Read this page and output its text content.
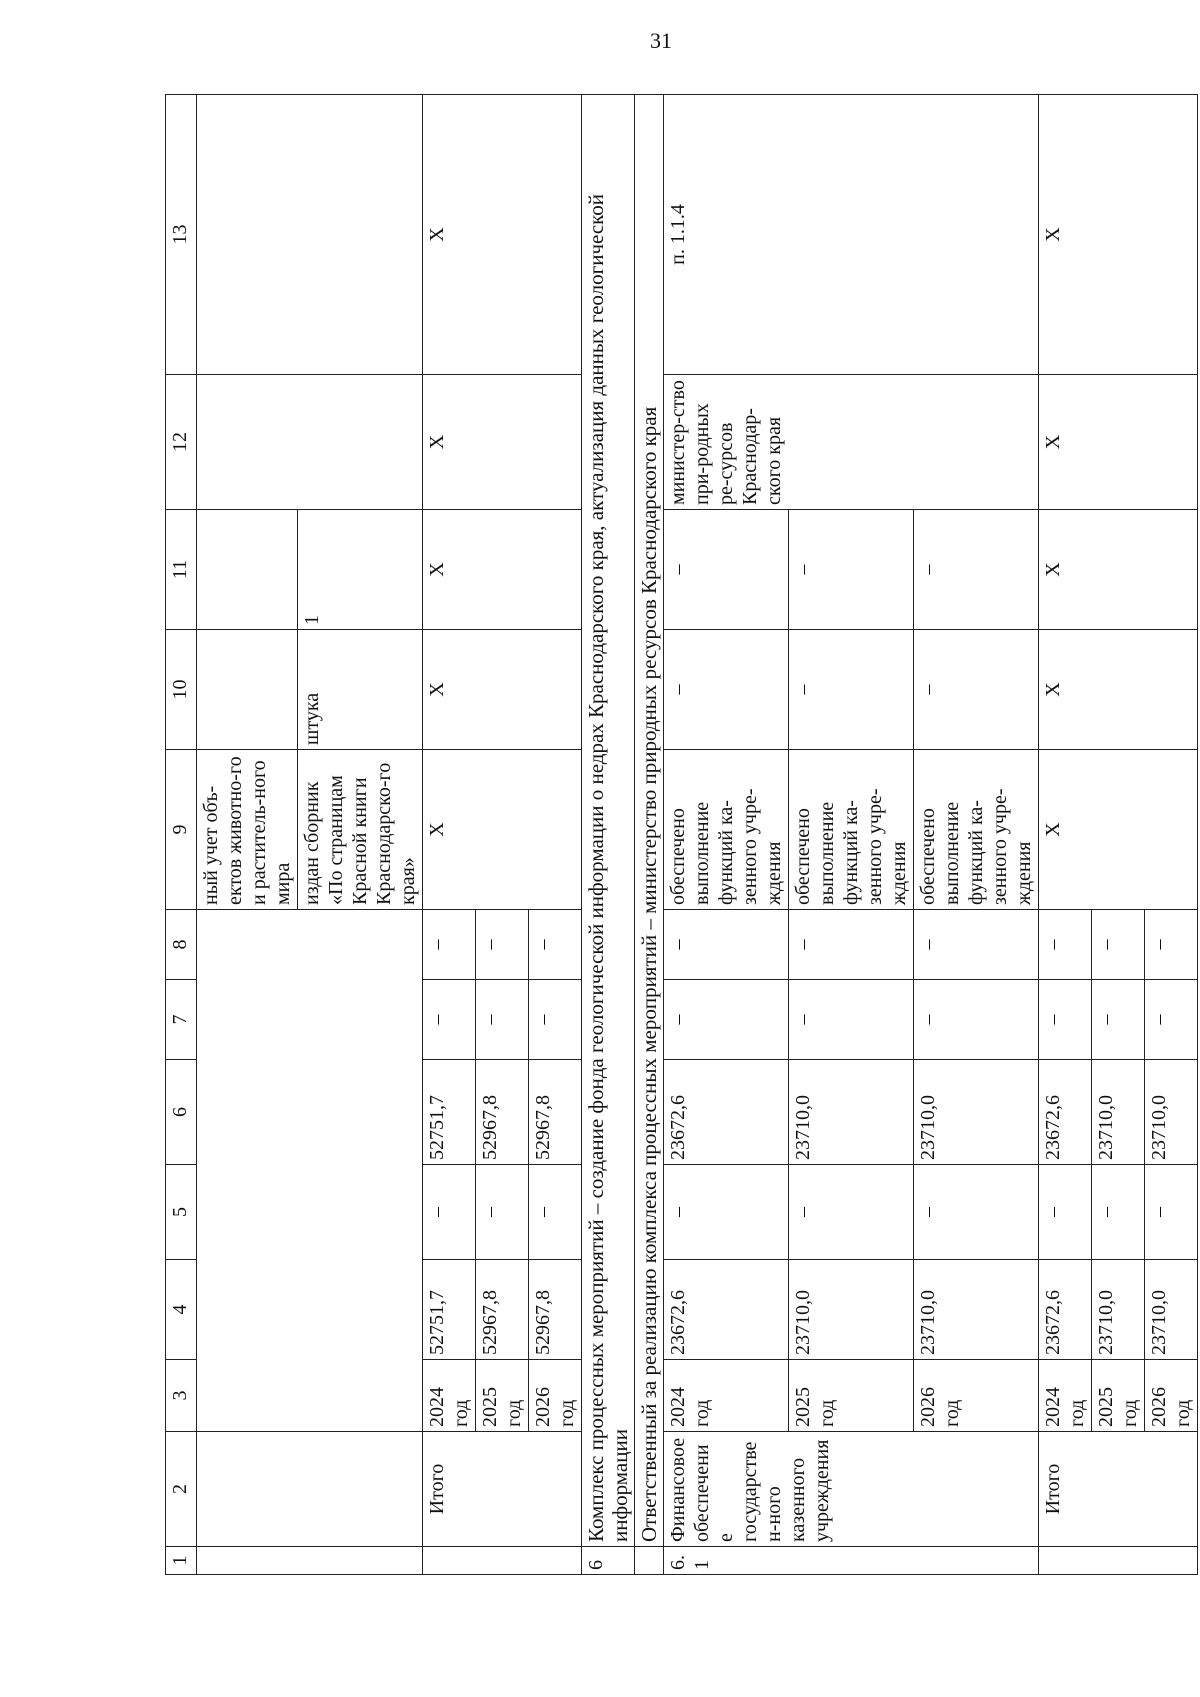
31
1	2	3	4	5	6	7	8	9	10	11	12	13
								ный учет объ-ектов животно-го и раститель-ного мира				
								издан сборник «По страницам Красной книги Краснодарско-го края»	штука	1		
	Итого	2024 год	52751,7	–	52751,7	–	–	Х	Х	Х	Х	Х
		2025 год	52967,8	–	52967,8	–	–					
		2026 год	52967,8	–	52967,8	–	–					
6	Комплекс процессных мероприятий – создание фонда геологической информации о недрах Краснодарского края, актуализация данных геологической информации											
	Ответственный за реализацию комплекса процессных мероприятий – министерство природных ресурсов Краснодарского края											
6.1	Финансовое обеспечение государствен-ного казенного учреждения	2024 год	23672,6	–	23672,6	–	–	обеспечено выполнение функций ка-зенного учре-ждения	–	–	министер-ство при-родных ре-сурсов Краснодар-ского края	п. 1.1.4
		2025 год	23710,0	–	23710,0	–	–	обеспечено выполнение функций ка-зенного учре-ждения	–	–		
		2026 год	23710,0	–	23710,0	–	–	обеспечено выполнение функций ка-зенного учре-ждения	–	–		
	Итого	2024 год	23672,6	–	23672,6	–	–	Х	Х	Х	Х	Х
		2025 год	23710,0	–	23710,0	–	–					
		2026 год	23710,0	–	23710,0	–	–					
